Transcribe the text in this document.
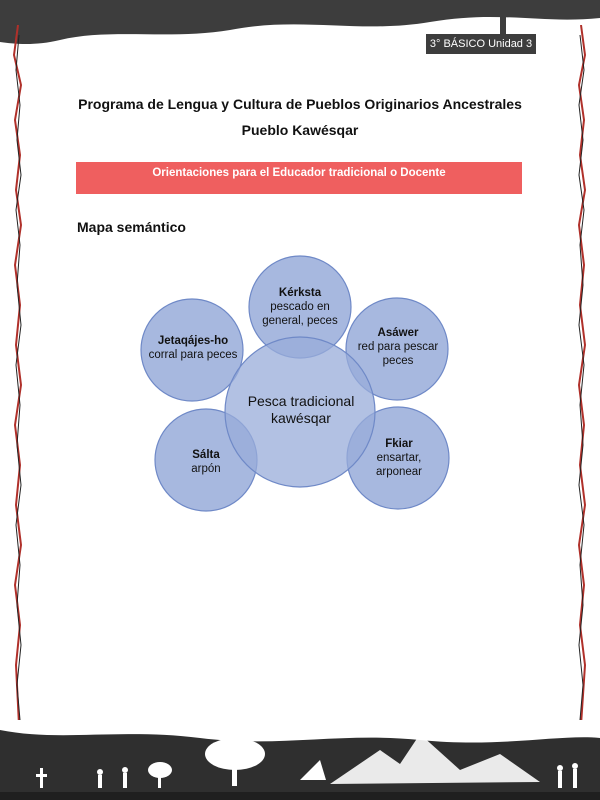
3° BÁSICO Unidad 3
Programa de Lengua y Cultura de Pueblos Originarios Ancestrales
Pueblo Kawésqar
Orientaciones para el Educador tradicional o Docente
Mapa semántico
Pesca tradicional kawésqar
Kérksta
pescado en general, peces
Asáwer
red para pescar peces
Fkiar
ensartar, arponear
Sálta
arpón
Jetaqájes-ho
corral para peces
